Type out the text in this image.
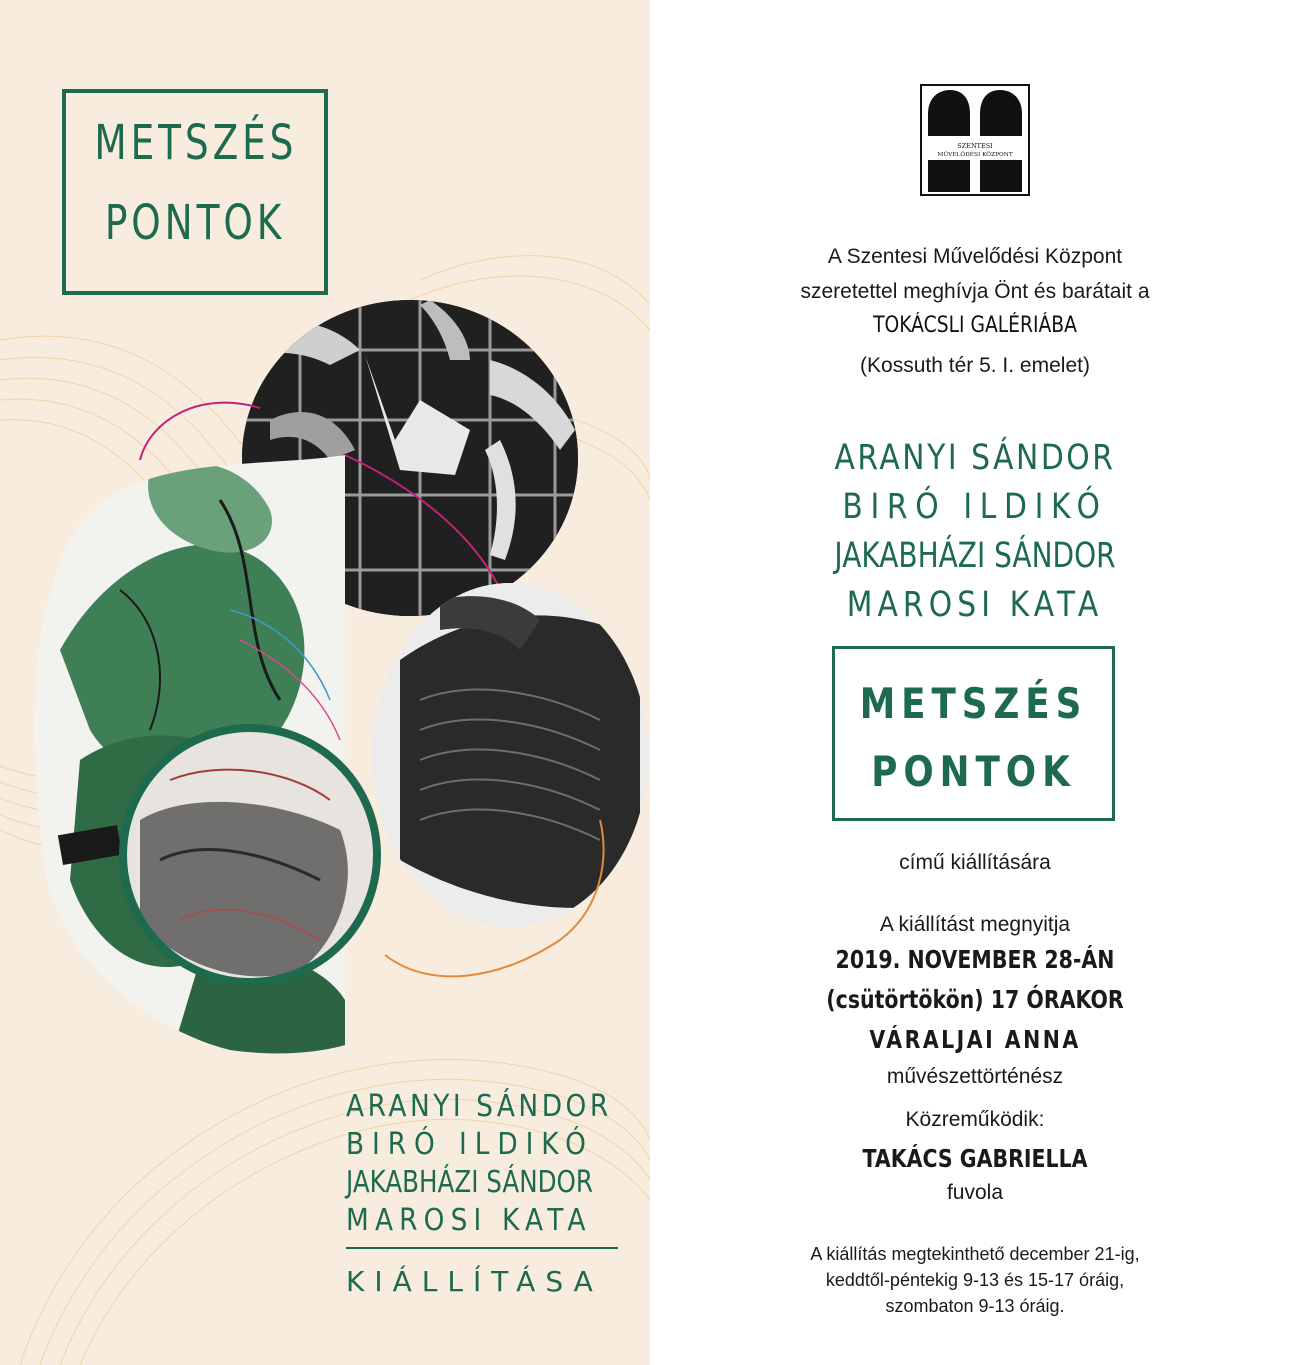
METSZÉS
PONTOK
ARANYI SÁNDOR
BIRÓ ILDIKÓ
JAKABHÁZI SÁNDOR
MAROSI KATA
KIÁLLÍTÁSA
SZENTESI
MŰVELŐDÉSI KÖZPONT
A Szentesi Művelődési Központ
szeretettel meghívja Önt és barátait a
TOKÁCSLI GALÉRIÁBA
(Kossuth tér 5. I. emelet)
ARANYI SÁNDOR
BIRÓ ILDIKÓ
JAKABHÁZI SÁNDOR
MAROSI KATA
METSZÉS
PONTOK
című kiállítására
A kiállítást megnyitja
2019. NOVEMBER 28-ÁN
(csütörtökön) 17 ÓRAKOR
VÁRALJAI ANNA
művészettörténész
Közreműködik:
TAKÁCS GABRIELLA
fuvola
A kiállítás megtekinthető december 21-ig,
keddtől-péntekig 9-13 és 15-17 óráig,
szombaton 9-13 óráig.
